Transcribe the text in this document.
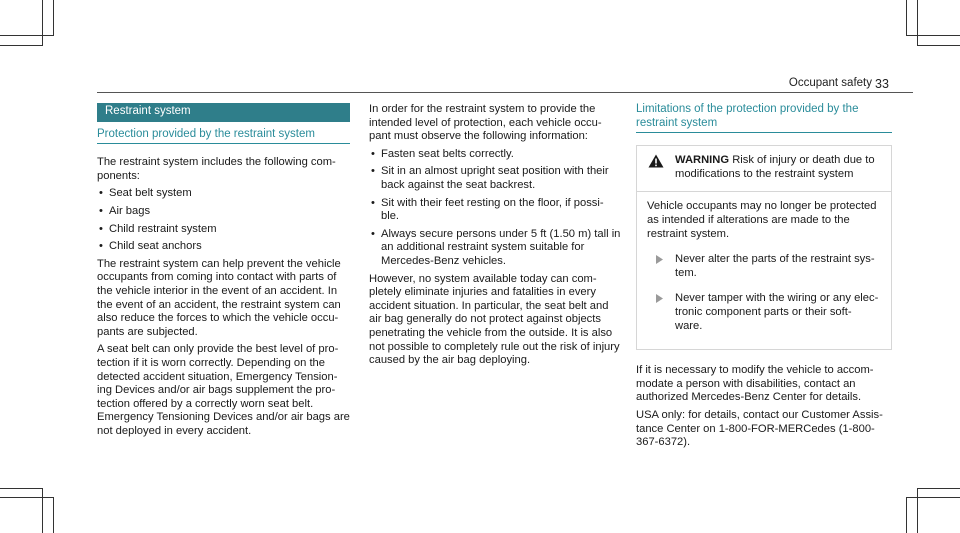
Occupant safety 33
Restraint system
Protection provided by the restraint system

The restraint system includes the following com- ponents:

• Seat belt system
• Air bags
• Child restraint system
• Child seat anchors

The restraint system can help prevent the vehicle occupants from coming into contact with parts of the vehicle interior in the event of an accident. In the event of an accident, the restraint system can also reduce the forces to which the vehicle occu- pants are subjected.

A seat belt can only provide the best level of pro- tection if it is worn correctly. Depending on the detected accident situation, Emergency Tension- ing Devices and/or air bags supplement the pro- tection offered by a correctly worn seat belt. Emergency Tensioning Devices and/or air bags are not deployed in every accident.

In order for the restraint system to provide the intended level of protection, each vehicle occu- pant must observe the following information:

• Fasten seat belts correctly.
• Sit in an almost upright seat position with their back against the seat backrest.
• Sit with their feet resting on the floor, if possi- ble.
• Always secure persons under 5 ft (1.50 m) tall in an additional restraint system suitable for Mercedes-Benz vehicles.

However, no system available today can com- pletely eliminate injuries and fatalities in every accident situation. In particular, the seat belt and air bag generally do not protect against objects penetrating the vehicle from the outside. It is also not possible to completely rule out the risk of injury caused by the air bag deploying.

Limitations of the protection provided by the restraint system
WARNING Risk of injury or death due to modifications to the restraint system

Vehicle occupants may no longer be protected as intended if alterations are made to the restraint system.

Never alter the parts of the restraint sys- tem.
Never tamper with the wiring or any elec- tronic component parts or their soft- ware.

If it is necessary to modify the vehicle to accom- modate a person with disabilities, contact an authorized Mercedes-Benz Center for details.

USA only: for details, contact our Customer Assis- tance Center on 1-800-FOR-MERCedes (1-800-367-6372).
